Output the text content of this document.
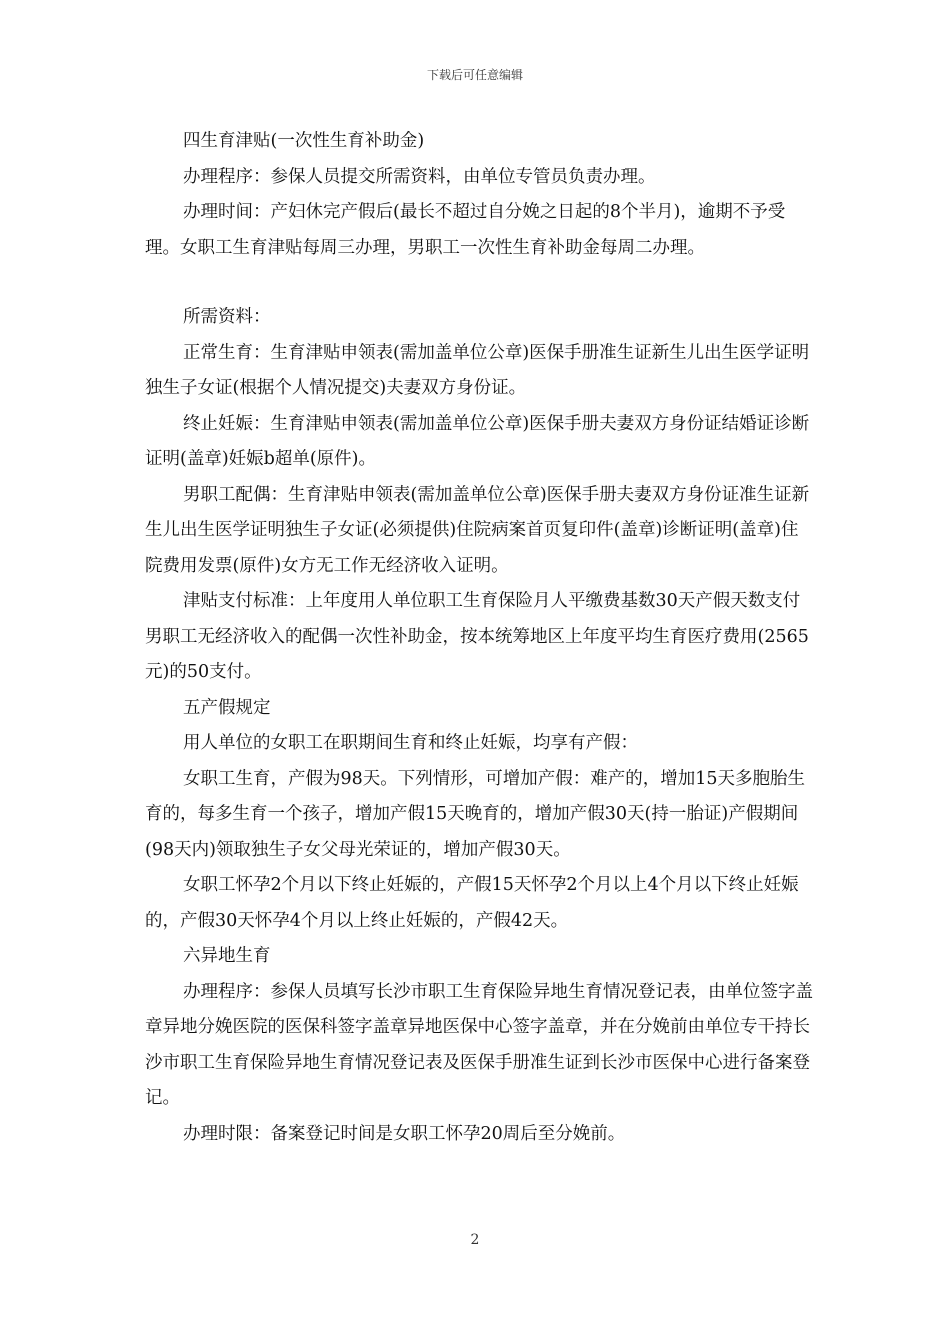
下载后可任意编辑

四生育津贴(一次性生育补助金)

办理程序：参保人员提交所需资料，由单位专管员负责办理。

办理时间：产妇休完产假后(最长不超过自分娩之日起的8个半月)，逾期不予受理。女职工生育津贴每周三办理，男职工一次性生育补助金每周二办理。

所需资料：

正常生育：生育津贴申领表(需加盖单位公章)医保手册准生证新生儿出生医学证明独生子女证(根据个人情况提交)夫妻双方身份证。

终止妊娠：生育津贴申领表(需加盖单位公章)医保手册夫妻双方身份证结婚证诊断证明(盖章)妊娠b超单(原件)。

男职工配偶：生育津贴申领表(需加盖单位公章)医保手册夫妻双方身份证准生证新生儿出生医学证明独生子女证(必须提供)住院病案首页复印件(盖章)诊断证明(盖章)住院费用发票(原件)女方无工作无经济收入证明。

津贴支付标准：上年度用人单位职工生育保险月人平缴费基数30天产假天数支付男职工无经济收入的配偶一次性补助金，按本统筹地区上年度平均生育医疗费用(2565元)的50支付。

五产假规定

用人单位的女职工在职期间生育和终止妊娠，均享有产假：

女职工生育，产假为98天。下列情形，可增加产假：难产的，增加15天多胞胎生育的，每多生育一个孩子，增加产假15天晚育的，增加产假30天(持一胎证)产假期间(98天内)领取独生子女父母光荣证的，增加产假30天。

女职工怀孕2个月以下终止妊娠的，产假15天怀孕2个月以上4个月以下终止妊娠的，产假30天怀孕4个月以上终止妊娠的，产假42天。

六异地生育

办理程序：参保人员填写长沙市职工生育保险异地生育情况登记表，由单位签字盖章异地分娩医院的医保科签字盖章异地医保中心签字盖章，并在分娩前由单位专干持长沙市职工生育保险异地生育情况登记表及医保手册准生证到长沙市医保中心进行备案登记。

办理时限：备案登记时间是女职工怀孕20周后至分娩前。

2
